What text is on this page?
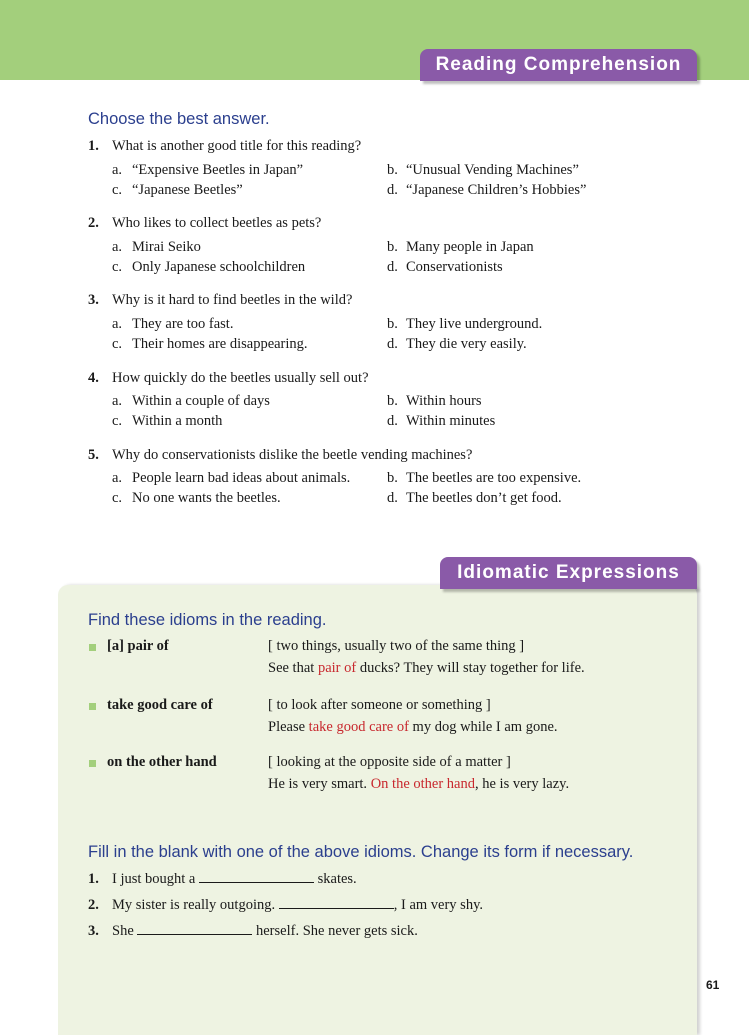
Reading Comprehension
Choose the best answer.
1. What is another good title for this reading?
a. “Expensive Beetles in Japan”	b. “Unusual Vending Machines”
c. “Japanese Beetles”	d. “Japanese Children’s Hobbies”
2. Who likes to collect beetles as pets?
a. Mirai Seiko	b. Many people in Japan
c. Only Japanese schoolchildren	d. Conservationists
3. Why is it hard to find beetles in the wild?
a. They are too fast.	b. They live underground.
c. Their homes are disappearing.	d. They die very easily.
4. How quickly do the beetles usually sell out?
a. Within a couple of days	b. Within hours
c. Within a month	d. Within minutes
5. Why do conservationists dislike the beetle vending machines?
a. People learn bad ideas about animals.	b. The beetles are too expensive.
c. No one wants the beetles.	d. The beetles don’t get food.
Idiomatic Expressions
Find these idioms in the reading.
[a] pair of	[ two things, usually two of the same thing ]
See that pair of ducks? They will stay together for life.
take good care of	[ to look after someone or something ]
Please take good care of my dog while I am gone.
on the other hand	[ looking at the opposite side of a matter ]
He is very smart. On the other hand, he is very lazy.
Fill in the blank with one of the above idioms. Change its form if necessary.
1. I just bought a	skates.
2. My sister is really outgoing.	, I am very shy.
3. She	herself. She never gets sick.
61
